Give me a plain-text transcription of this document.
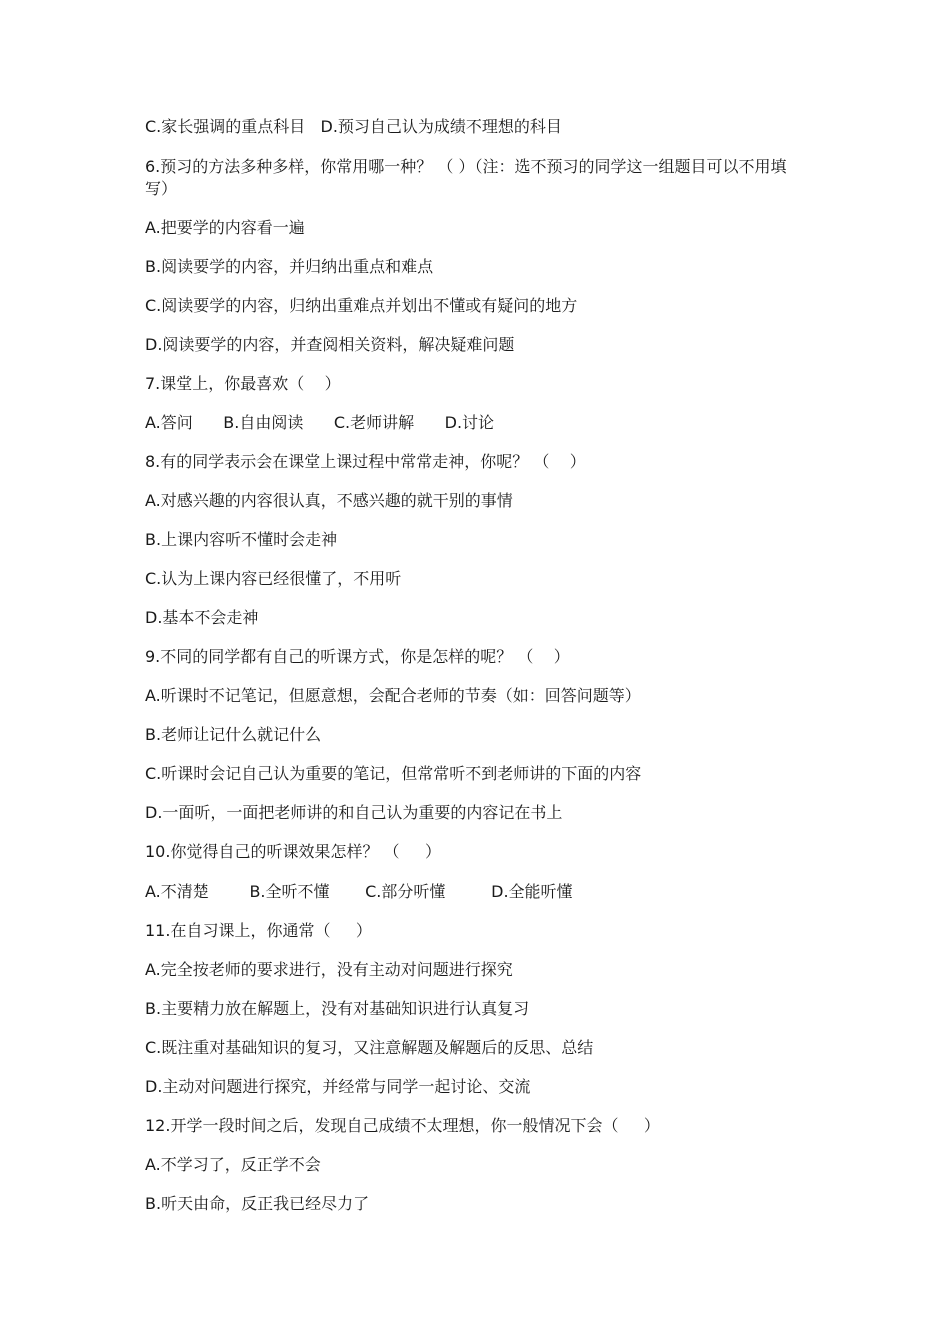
C.家长强调的重点科目   D.预习自己认为成绩不理想的科目
6.预习的方法多种多样，你常用哪一种？ （ ）（注：选不预习的同学这一组题目可以不用填写）
A.把要学的内容看一遍
B.阅读要学的内容，并归纳出重点和难点
C.阅读要学的内容，归纳出重难点并划出不懂或有疑问的地方
D.阅读要学的内容，并查阅相关资料，解决疑难问题
7.课堂上，你最喜欢（    ）
A.答问      B.自由阅读      C.老师讲解      D.讨论
8.有的同学表示会在课堂上课过程中常常走神，你呢？ （    ）
A.对感兴趣的内容很认真，不感兴趣的就干别的事情
B.上课内容听不懂时会走神
C.认为上课内容已经很懂了，不用听
D.基本不会走神
9.不同的同学都有自己的听课方式，你是怎样的呢？ （    ）
A.听课时不记笔记，但愿意想，会配合老师的节奏（如：回答问题等）
B.老师让记什么就记什么
C.听课时会记自己认为重要的笔记，但常常听不到老师讲的下面的内容
D.一面听，一面把老师讲的和自己认为重要的内容记在书上
10.你觉得自己的听课效果怎样？ （     ）
A.不清楚        B.全听不懂       C.部分听懂         D.全能听懂
11.在自习课上，你通常（     ）
A.完全按老师的要求进行，没有主动对问题进行探究
B.主要精力放在解题上，没有对基础知识进行认真复习
C.既注重对基础知识的复习，又注意解题及解题后的反思、总结
D.主动对问题进行探究，并经常与同学一起讨论、交流
12.开学一段时间之后，发现自己成绩不太理想，你一般情况下会（     ）
A.不学习了，反正学不会
B.听天由命，反正我已经尽力了
